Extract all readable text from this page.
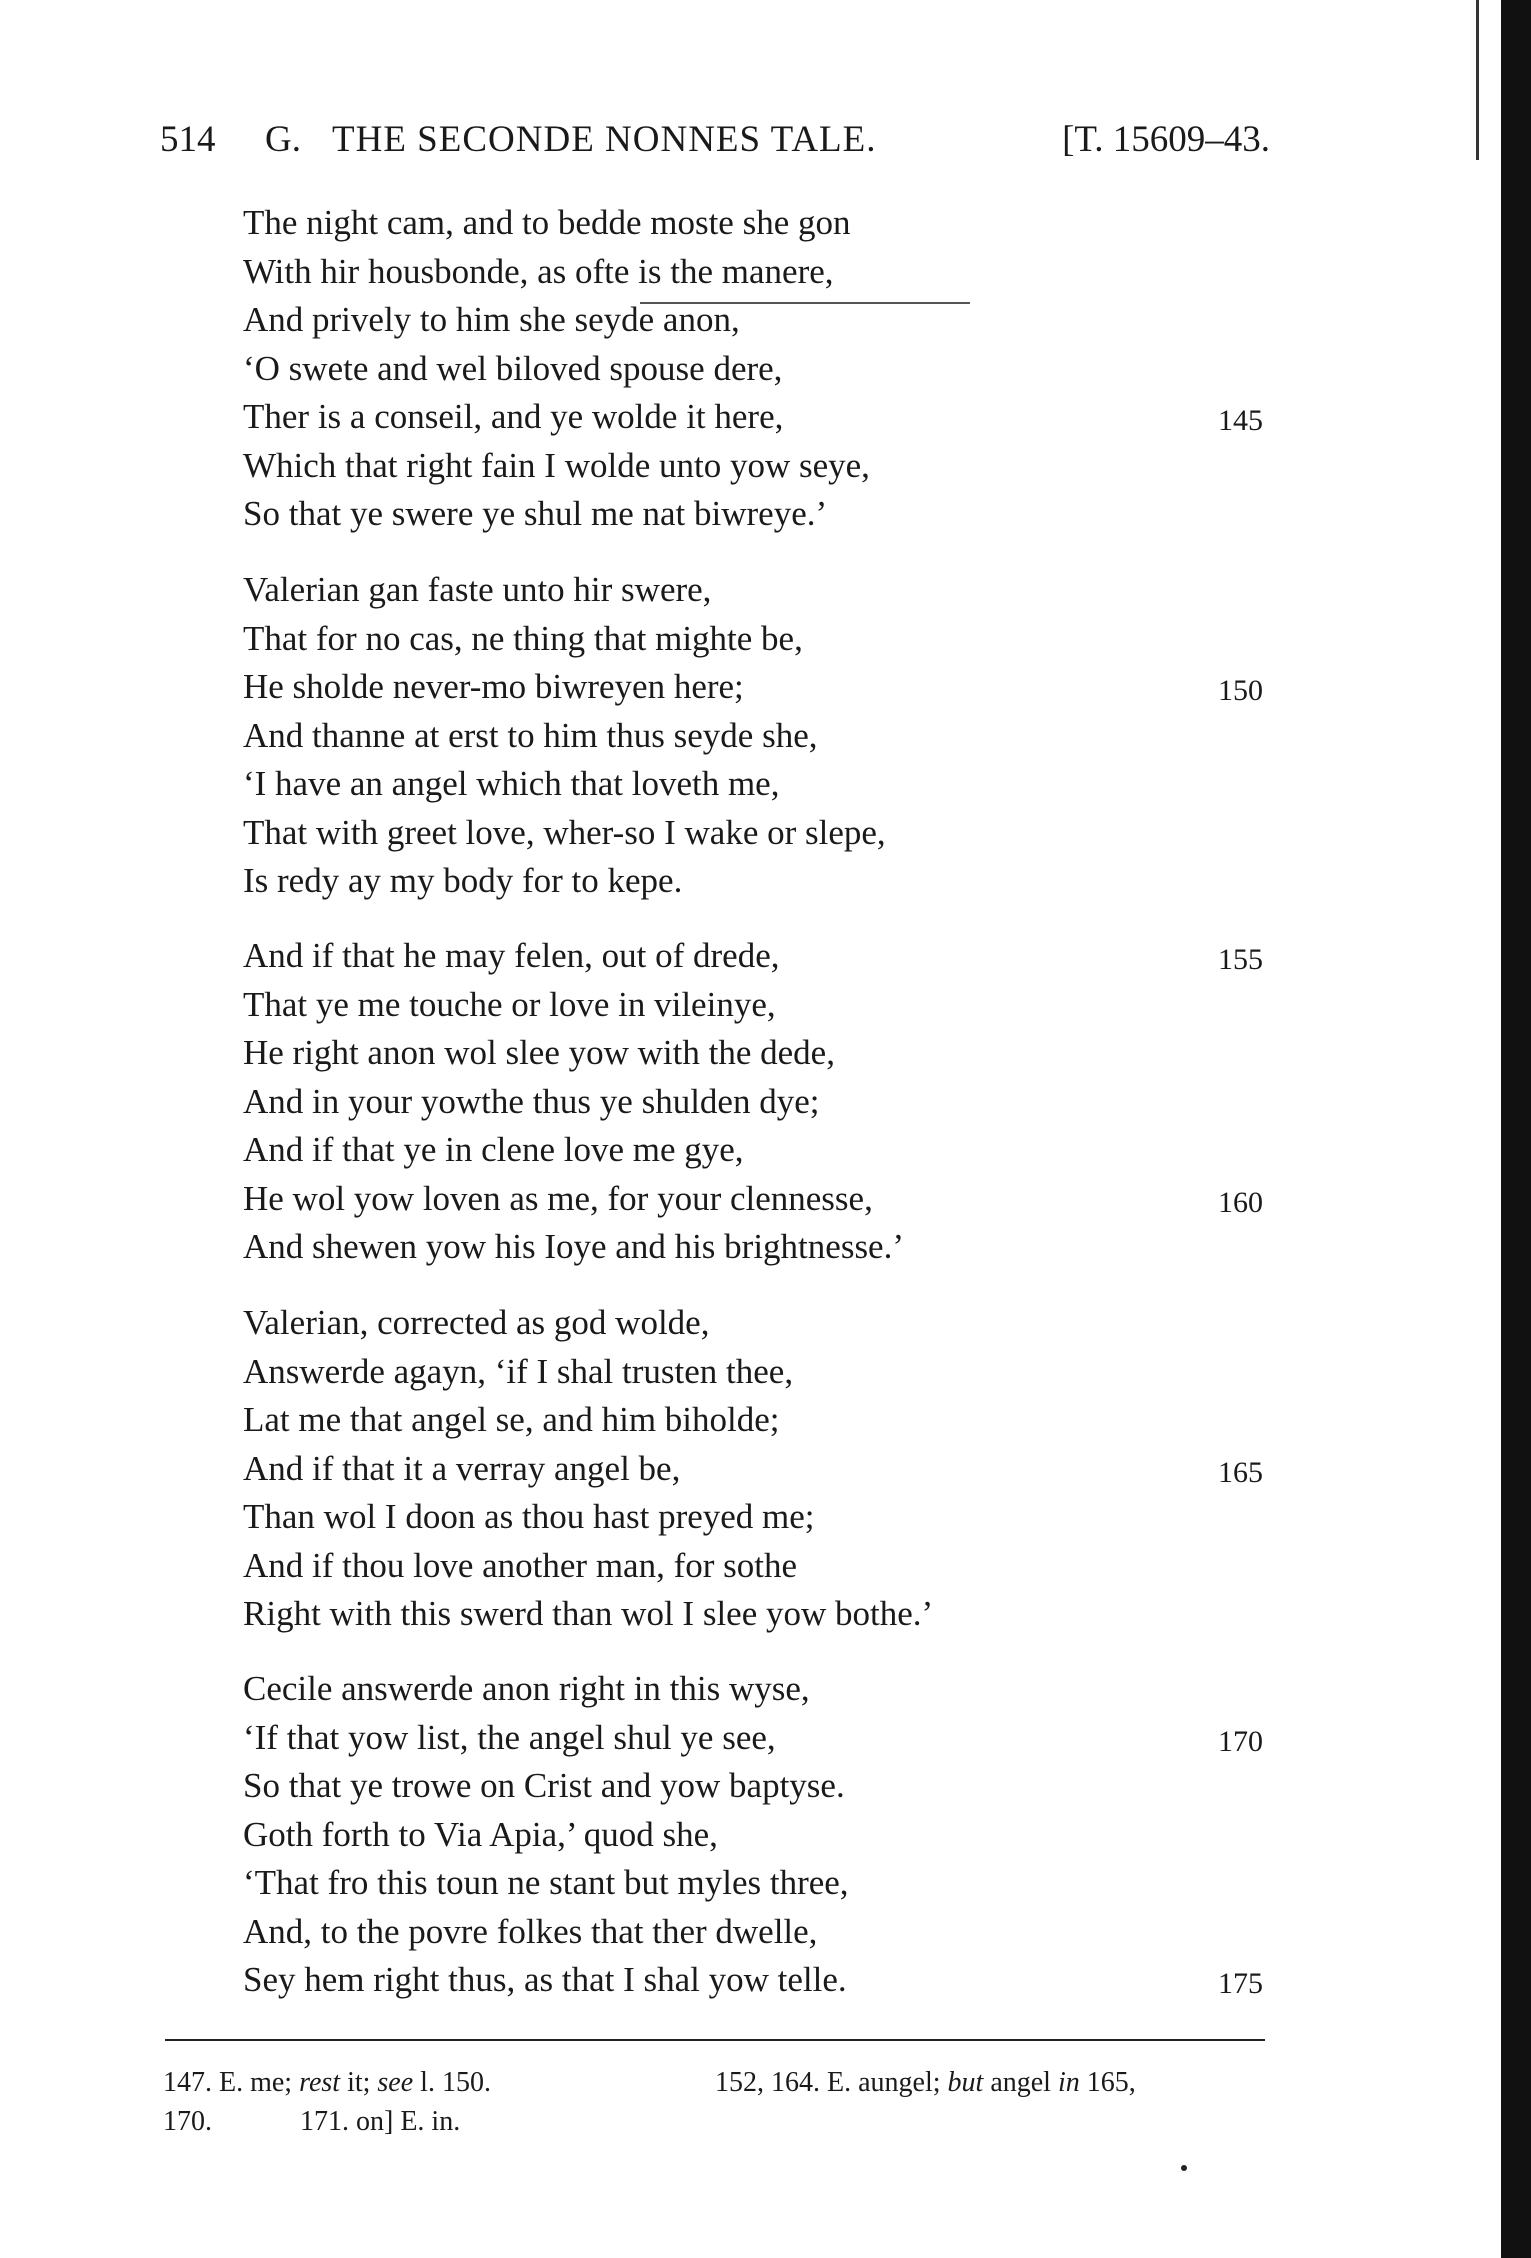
514 G. THE SECONDE NONNES TALE.	[T. 15609–43.
The night cam, and to bedde moste she gon
With hir housbonde, as ofte is the manere,
And prively to him she seyde anon,
‘O swete and wel biloved spouse dere,
Ther is a conseil, and ye wolde it here,	145
Which that right fain I wolde unto yow seye,
So that ye swere ye shul me nat biwreye.’
Valerian gan faste unto hir swere,
That for no cas, ne thing that mighte be,
He sholde never-mo biwreyen here;	150
And thanne at erst to him thus seyde she,
‘I have an angel which that loveth me,
That with greet love, wher-so I wake or slepe,
Is redy ay my body for to kepe.
And if that he may felen, out of drede,	155
That ye me touche or love in vileinye,
He right anon wol slee yow with the dede,
And in your yowthe thus ye shulden dye;
And if that ye in clene love me gye,
He wol yow loven as me, for your clennesse,	160
And shewen yow his Ioye and his brightnesse.’
Valerian, corrected as god wolde,
Answerde agayn, ‘if I shal trusten thee,
Lat me that angel se, and him biholde;
And if that it a verray angel be,	165
Than wol I doon as thou hast preyed me;
And if thou love another man, for sothe
Right with this swerd than wol I slee yow bothe.’
Cecile answerde anon right in this wyse,
‘If that yow list, the angel shul ye see,	170
So that ye trowe on Crist and yow baptyse.
Goth forth to Via Apia,’ quod she,
‘That fro this toun ne stant but myles three,
And, to the povre folkes that ther dwelle,
Sey hem right thus, as that I shal yow telle.	175
147. E. me; rest it; see l. 150.	152, 164. E. aungel; but angel in 165,
170.	171. on] E. in.
